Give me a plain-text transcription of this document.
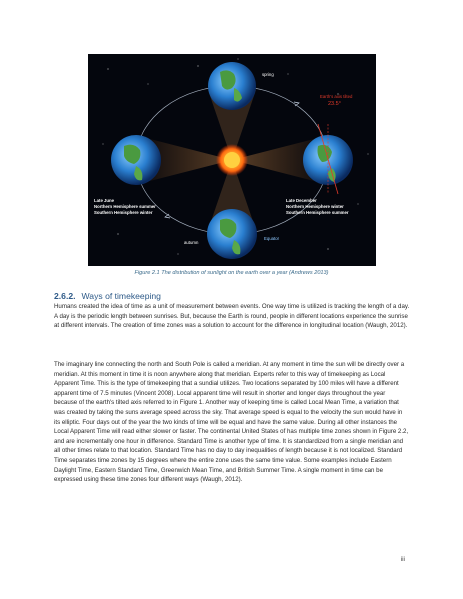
spring
autumn
Equator
Earth's axis tilted
23.5°
Late June
Northern Hemisphere summer
Southern Hemisphere winter
Late December
Northern Hemisphere winter
Southern Hemisphere summer
Figure 2.1 The distribution of sunlight on the earth over a year (Andrews 2013)
2.6.2. Ways of timekeeping

Humans created the idea of time as a unit of measurement between events. One way time is utilized is tracking the length of a day. A day is the periodic length between sunrises. But, because the Earth is round, people in different locations experience the sunrise at different intervals. The creation of time zones was a solution to account for the difference in longitudinal location (Waugh, 2012).

The imaginary line connecting the north and South Pole is called a meridian. At any moment in time the sun will be directly over a meridian. At this moment in time it is noon anywhere along that meridian. Experts refer to this way of timekeeping as Local Apparent Time. This is the type of timekeeping that a sundial utilizes. Two locations separated by 100 miles will have a different apparent time of 7.5 minutes (Vincent 2008). Local apparent time will result in shorter and longer days throughout the year because of the earth's tilted axis referred to in Figure 1. Another way of keeping time is called Local Mean Time, a variation that was created by taking the suns average speed across the sky. That average speed is equal to the velocity the sun would have in its elliptic. Four days out of the year the two kinds of time will be equal and have the same value. During all other instances the Local Apparent Time will read either slower or faster. The continental United States of has multiple time zones shown in Figure 2.2, and are incrementally one hour in difference. Standard Time is another type of time. It is standardized from a single meridian and all other times relate to that location. Standard Time has no day to day inequalities of length because it is not localized. Standard Time separates time zones by 15 degrees where the entire zone uses the same time value. Some examples include Eastern Daylight Time, Eastern Standard Time, Greenwich Mean Time, and British Summer Time. A single moment in time can be expressed using these time zones four different ways (Waugh, 2012).

iii
